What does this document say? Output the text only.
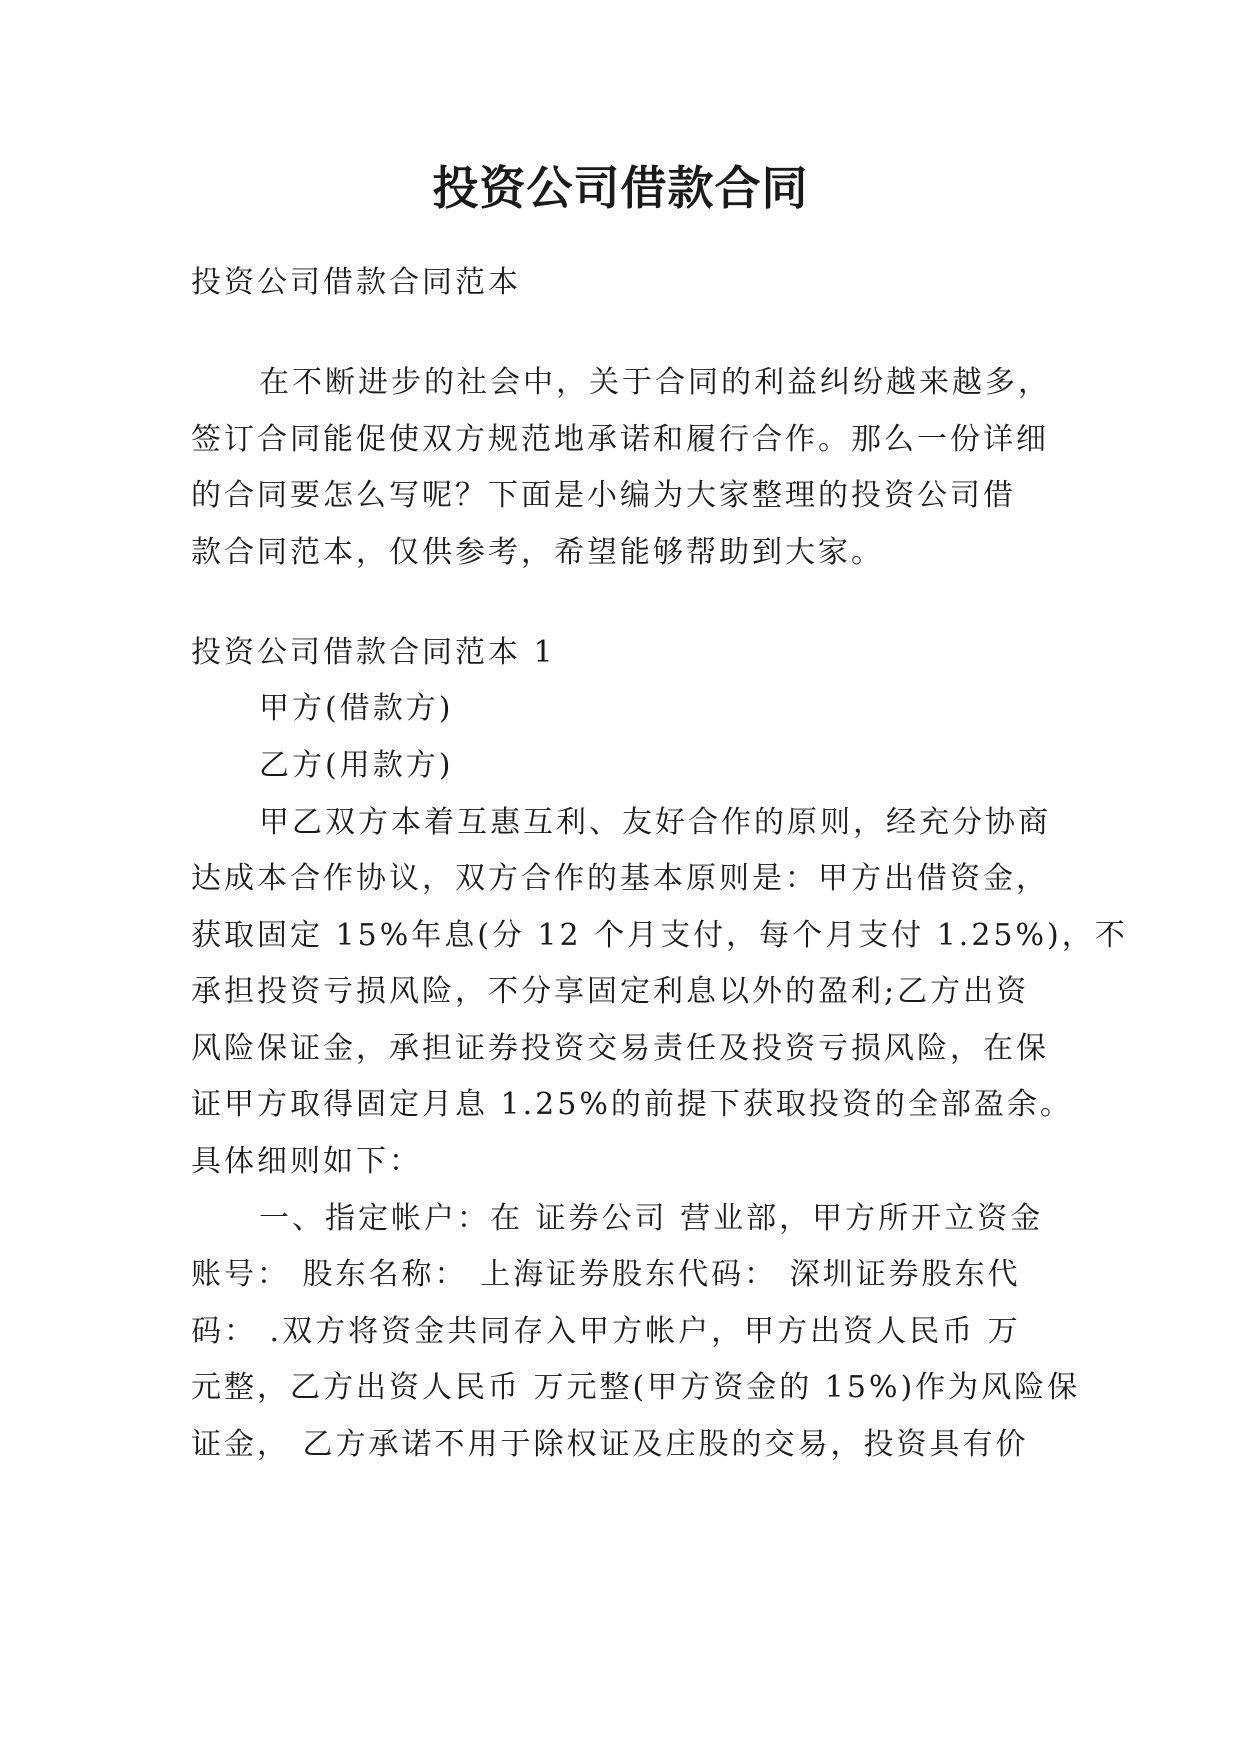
投资公司借款合同

投资公司借款合同范本

在不断进步的社会中，关于合同的利益纠纷越来越多，

签订合同能促使双方规范地承诺和履行合作。那么一份详细

的合同要怎么写呢？下面是小编为大家整理的投资公司借

款合同范本，仅供参考，希望能够帮助到大家。

投资公司借款合同范本 1

甲方(借款方)

乙方(用款方)

甲乙双方本着互惠互利、友好合作的原则，经充分协商

达成本合作协议，双方合作的基本原则是：甲方出借资金，

获取固定 15%年息(分 12 个月支付，每个月支付 1.25%)，不

承担投资亏损风险，不分享固定利息以外的盈利;乙方出资

风险保证金，承担证券投资交易责任及投资亏损风险，在保

证甲方取得固定月息 1.25%的前提下获取投资的全部盈余。

具体细则如下：

一、指定帐户：在 证券公司 营业部，甲方所开立资金

账号： 股东名称： 上海证券股东代码： 深圳证券股东代

码： .双方将资金共同存入甲方帐户，甲方出资人民币 万

元整，乙方出资人民币 万元整(甲方资金的 15%)作为风险保

证金， 乙方承诺不用于除权证及庄股的交易，投资具有价
